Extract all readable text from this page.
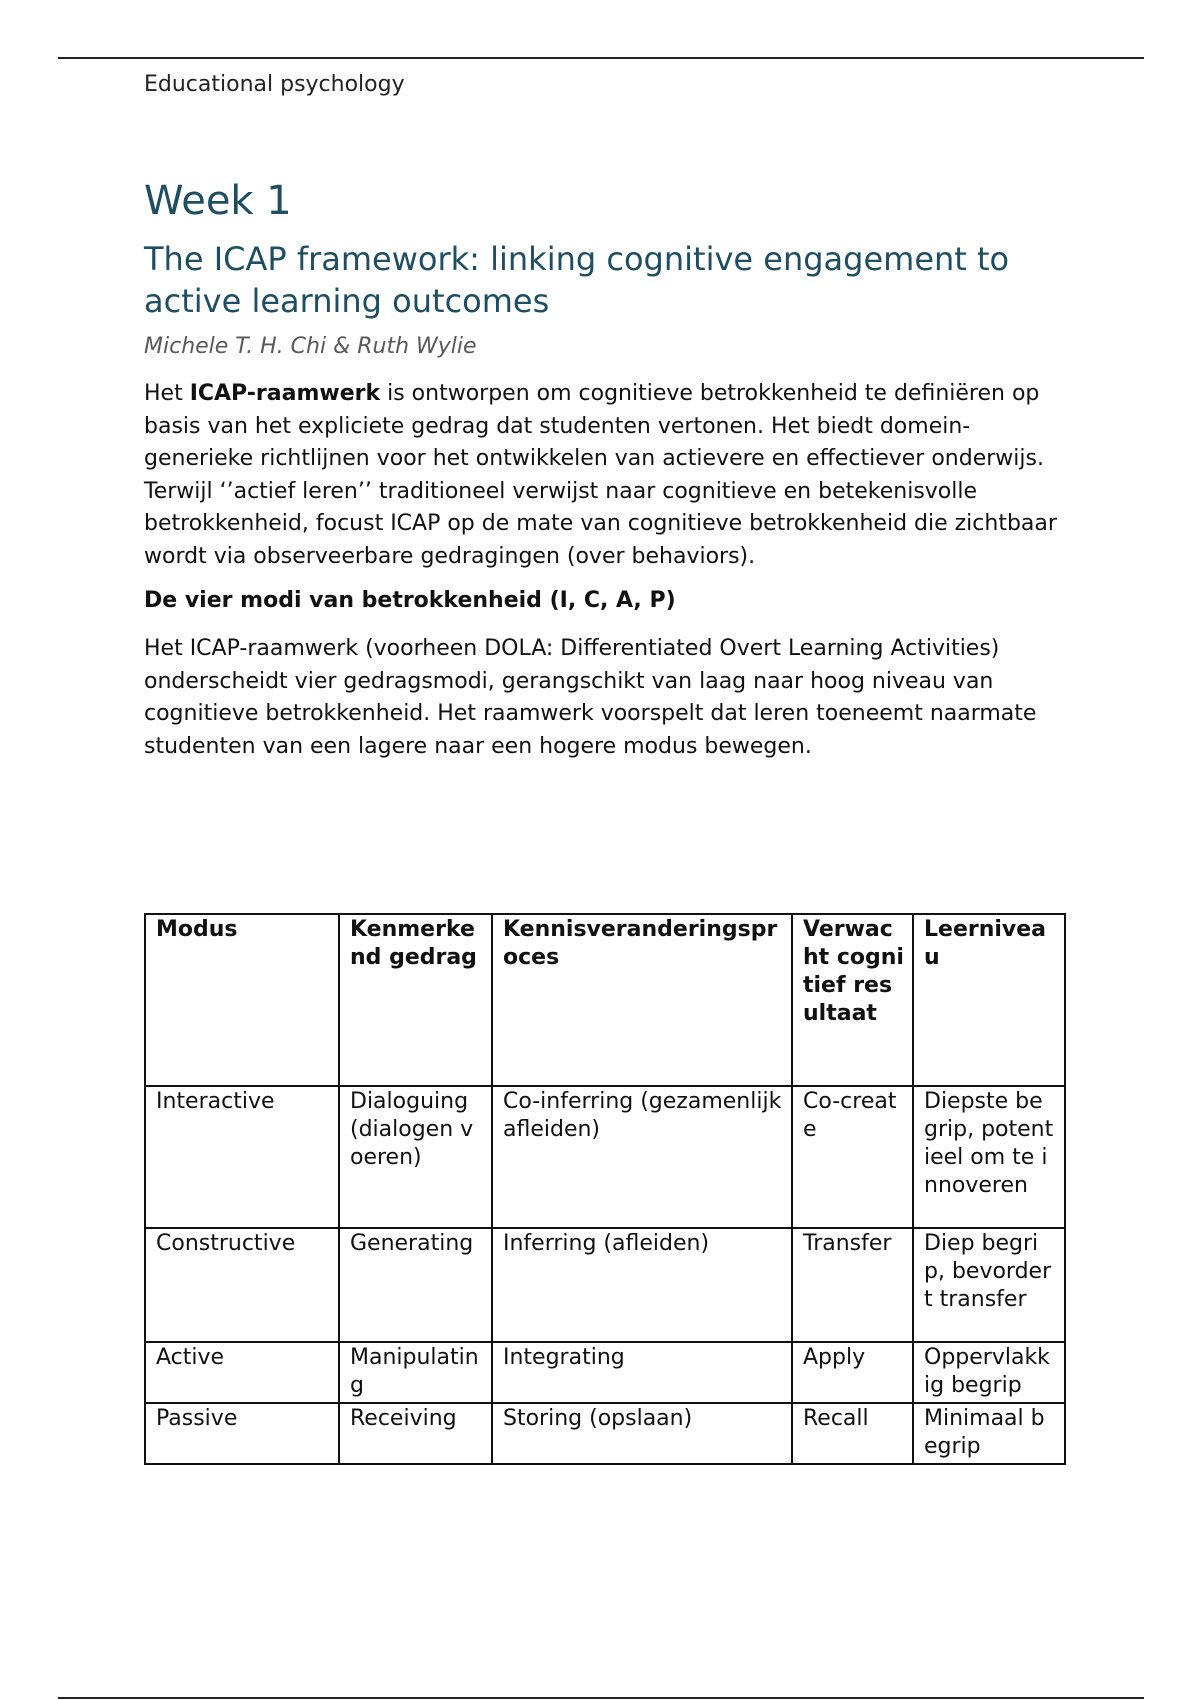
Educational psychology
Week 1
The ICAP framework: linking cognitive engagement to active learning outcomes
Michele T. H. Chi & Ruth Wylie

Het ICAP-raamwerk is ontworpen om cognitieve betrokkenheid te definiëren op basis van het expliciete gedrag dat studenten vertonen. Het biedt domein-generieke richtlijnen voor het ontwikkelen van actievere en effectiever onderwijs. Terwijl ‘’actief leren’’ traditioneel verwijst naar cognitieve en betekenisvolle betrokkenheid, focust ICAP op de mate van cognitieve betrokkenheid die zichtbaar wordt via observeerbare gedragingen (over behaviors).

De vier modi van betrokkenheid (I, C, A, P)

Het ICAP-raamwerk (voorheen DOLA: Differentiated Overt Learning Activities) onderscheidt vier gedragsmodi, gerangschikt van laag naar hoog niveau van cognitieve betrokkenheid. Het raamwerk voorspelt dat leren toeneemt naarmate studenten van een lagere naar een hogere modus bewegen.

Modus	Kenmerkend gedrag	Kennisveranderingsproces	Verwacht cognitief resultaat	Leerniveau
Interactive	Dialoguing (dialogen voeren)	Co-inferring (gezamenlijk afleiden)	Co-create	Diepste begrip, potentieel om te innoveren
Constructive	Generating	Inferring (afleiden)	Transfer	Diep begrip, bevordert transfer
Active	Manipulating	Integrating	Apply	Oppervlakkig begrip
Passive	Receiving	Storing (opslaan)	Recall	Minimaal begrip
